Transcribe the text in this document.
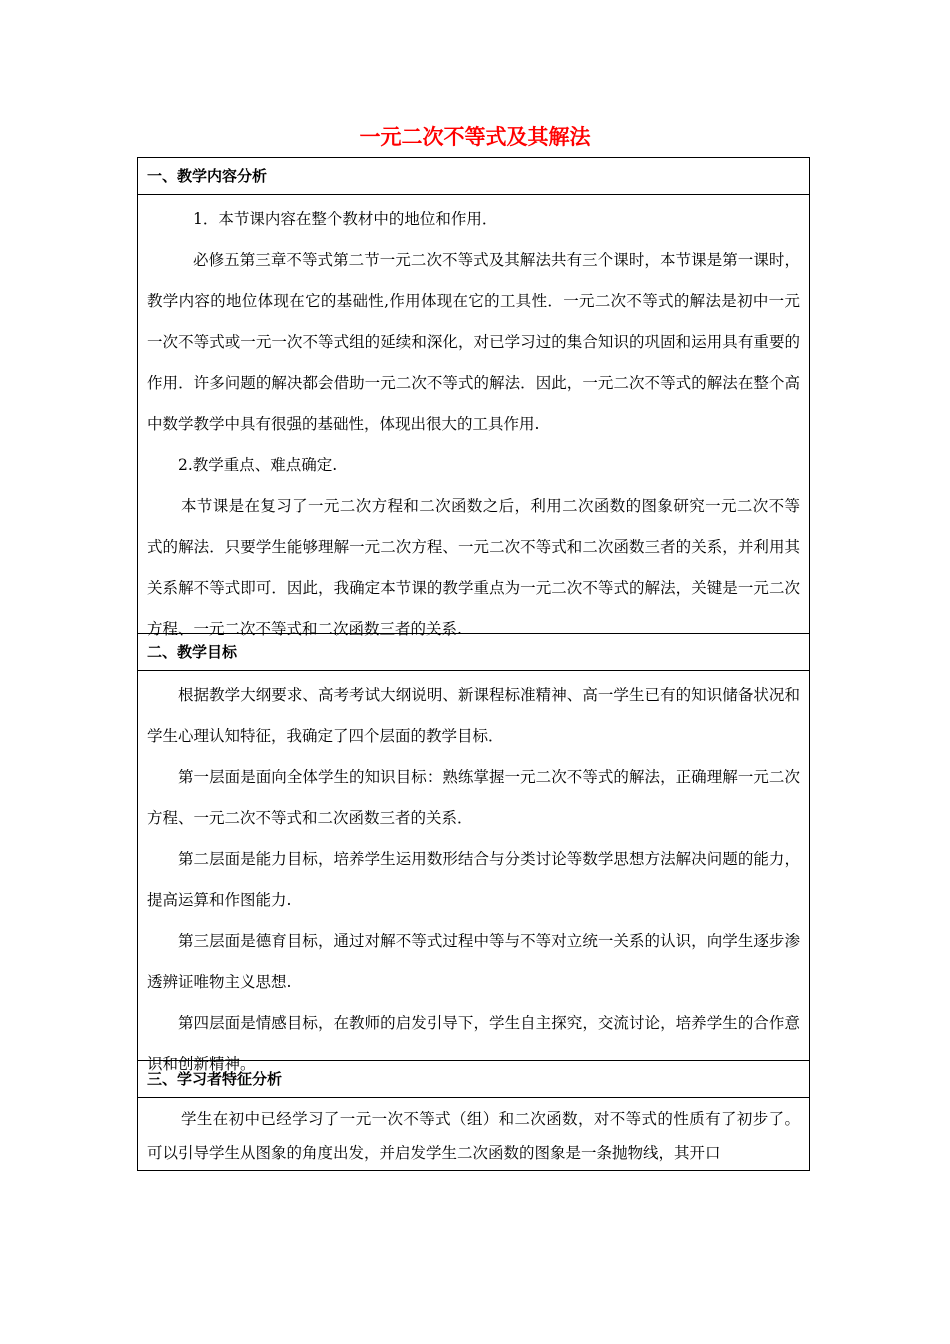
一元二次不等式及其解法
一、教学内容分析

1．本节课内容在整个教材中的地位和作用．

必修五第三章不等式第二节一元二次不等式及其解法共有三个课时，本节课是第一课时，教学内容的地位体现在它的基础性,作用体现在它的工具性．一元二次不等式的解法是初中一元一次不等式或一元一次不等式组的延续和深化，对已学习过的集合知识的巩固和运用具有重要的作用．许多问题的解决都会借助一元二次不等式的解法．因此，一元二次不等式的解法在整个高中数学教学中具有很强的基础性，体现出很大的工具作用.

2.教学重点、难点确定.

本节课是在复习了一元二次方程和二次函数之后，利用二次函数的图象研究一元二次不等式的解法．只要学生能够理解一元二次方程、一元二次不等式和二次函数三者的关系，并利用其关系解不等式即可．因此，我确定本节课的教学重点为一元二次不等式的解法，关键是一元二次方程、一元二次不等式和二次函数三者的关系.

二、教学目标

根据教学大纲要求、高考考试大纲说明、新课程标准精神、高一学生已有的知识储备状况和学生心理认知特征，我确定了四个层面的教学目标．

第一层面是面向全体学生的知识目标：熟练掌握一元二次不等式的解法，正确理解一元二次方程、一元二次不等式和二次函数三者的关系．

第二层面是能力目标，培养学生运用数形结合与分类讨论等数学思想方法解决问题的能力，提高运算和作图能力.

第三层面是德育目标，通过对解不等式过程中等与不等对立统一关系的认识，向学生逐步渗透辨证唯物主义思想.

第四层面是情感目标，在教师的启发引导下，学生自主探究，交流讨论，培养学生的合作意识和创新精神。

三、学习者特征分析

学生在初中已经学习了一元一次不等式（组）和二次函数，对不等式的性质有了初步了。可以引导学生从图象的角度出发，并启发学生二次函数的图象是一条抛物线，其开口
